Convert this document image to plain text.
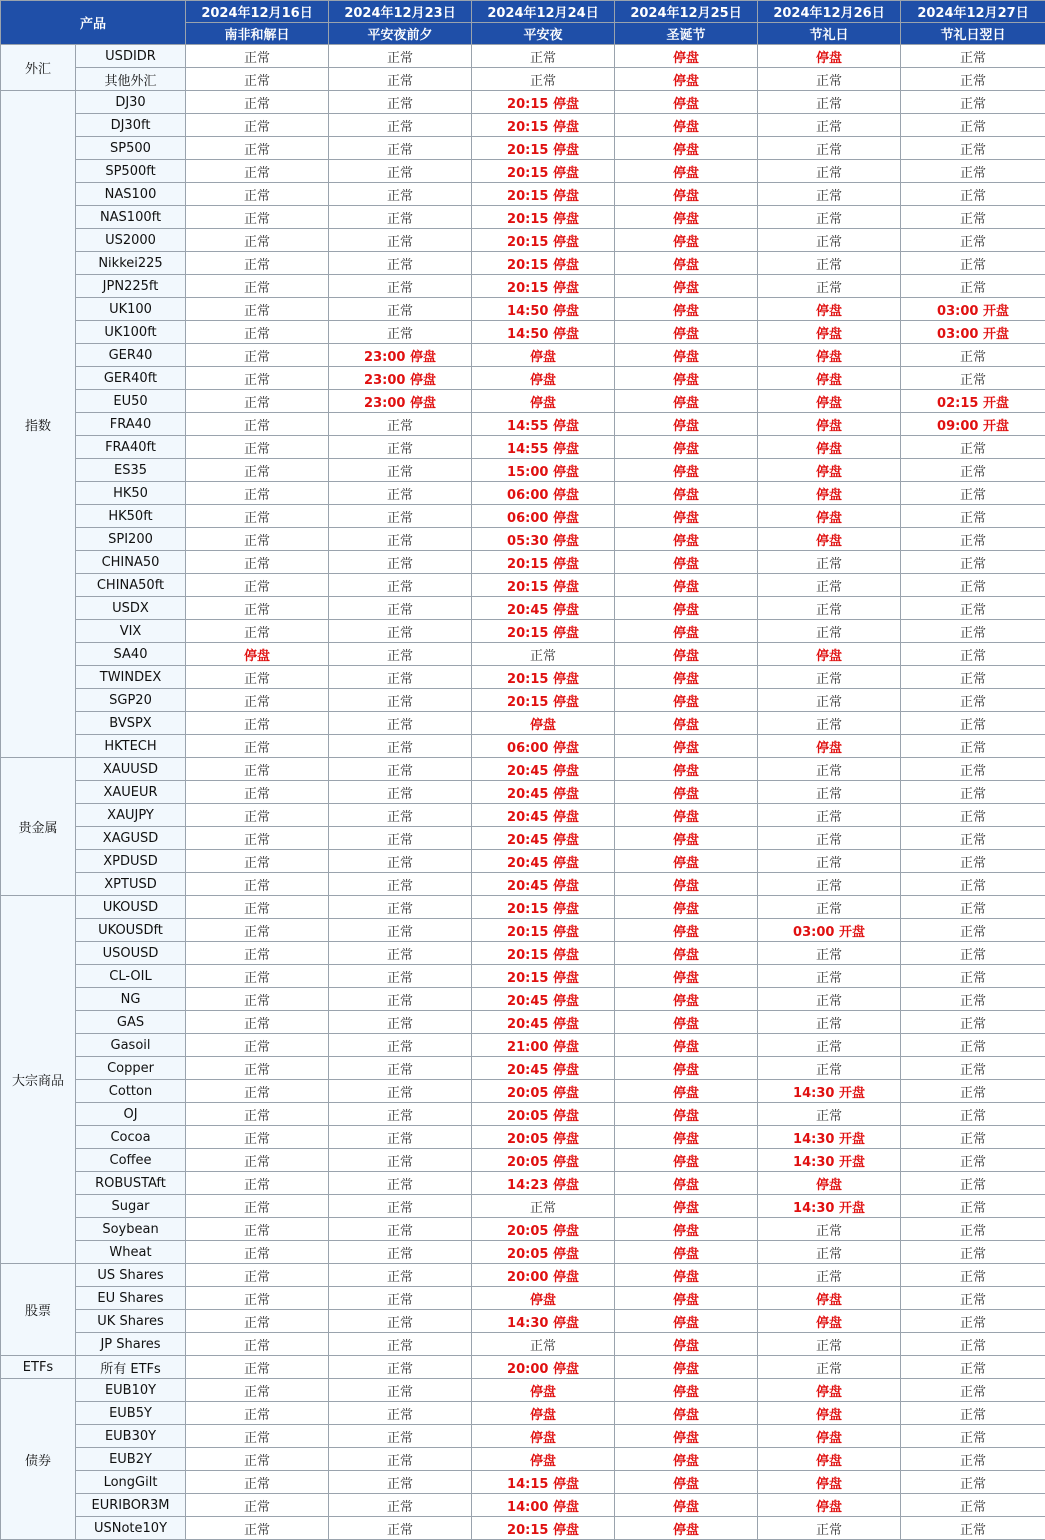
产品		2024年12月16日	2024年12月23日	2024年12月24日	2024年12月25日	2024年12月26日	2024年12月27日
		南非和解日	平安夜前夕	平安夜	圣诞节	节礼日	节礼日翌日
外汇	USDIDR	正常	正常	正常	停盘	停盘	正常
	其他外汇	正常	正常	正常	停盘	正常	正常
指数	DJ30	正常	正常	20:15 停盘	停盘	正常	正常
	DJ30ft	正常	正常	20:15 停盘	停盘	正常	正常
	SP500	正常	正常	20:15 停盘	停盘	正常	正常
	SP500ft	正常	正常	20:15 停盘	停盘	正常	正常
	NAS100	正常	正常	20:15 停盘	停盘	正常	正常
	NAS100ft	正常	正常	20:15 停盘	停盘	正常	正常
	US2000	正常	正常	20:15 停盘	停盘	正常	正常
	Nikkei225	正常	正常	20:15 停盘	停盘	正常	正常
	JPN225ft	正常	正常	20:15 停盘	停盘	正常	正常
	UK100	正常	正常	14:50 停盘	停盘	停盘	03:00 开盘
	UK100ft	正常	正常	14:50 停盘	停盘	停盘	03:00 开盘
	GER40	正常	23:00 停盘	停盘	停盘	停盘	正常
	GER40ft	正常	23:00 停盘	停盘	停盘	停盘	正常
	EU50	正常	23:00 停盘	停盘	停盘	停盘	02:15 开盘
	FRA40	正常	正常	14:55 停盘	停盘	停盘	09:00 开盘
	FRA40ft	正常	正常	14:55 停盘	停盘	停盘	正常
	ES35	正常	正常	15:00 停盘	停盘	停盘	正常
	HK50	正常	正常	06:00 停盘	停盘	停盘	正常
	HK50ft	正常	正常	06:00 停盘	停盘	停盘	正常
	SPI200	正常	正常	05:30 停盘	停盘	停盘	正常
	CHINA50	正常	正常	20:15 停盘	停盘	正常	正常
	CHINA50ft	正常	正常	20:15 停盘	停盘	正常	正常
	USDX	正常	正常	20:45 停盘	停盘	正常	正常
	VIX	正常	正常	20:15 停盘	停盘	正常	正常
	SA40	停盘	正常	正常	停盘	停盘	正常
	TWINDEX	正常	正常	20:15 停盘	停盘	正常	正常
	SGP20	正常	正常	20:15 停盘	停盘	正常	正常
	BVSPX	正常	正常	停盘	停盘	正常	正常
	HKTECH	正常	正常	06:00 停盘	停盘	停盘	正常
贵金属	XAUUSD	正常	正常	20:45 停盘	停盘	正常	正常
	XAUEUR	正常	正常	20:45 停盘	停盘	正常	正常
	XAUJPY	正常	正常	20:45 停盘	停盘	正常	正常
	XAGUSD	正常	正常	20:45 停盘	停盘	正常	正常
	XPDUSD	正常	正常	20:45 停盘	停盘	正常	正常
	XPTUSD	正常	正常	20:45 停盘	停盘	正常	正常
大宗商品	UKOUSD	正常	正常	20:15 停盘	停盘	正常	正常
	UKOUSDft	正常	正常	20:15 停盘	停盘	03:00 开盘	正常
	USOUSD	正常	正常	20:15 停盘	停盘	正常	正常
	CL-OIL	正常	正常	20:15 停盘	停盘	正常	正常
	NG	正常	正常	20:45 停盘	停盘	正常	正常
	GAS	正常	正常	20:45 停盘	停盘	正常	正常
	Gasoil	正常	正常	21:00 停盘	停盘	正常	正常
	Copper	正常	正常	20:45 停盘	停盘	正常	正常
	Cotton	正常	正常	20:05 停盘	停盘	14:30 开盘	正常
	OJ	正常	正常	20:05 停盘	停盘	正常	正常
	Cocoa	正常	正常	20:05 停盘	停盘	14:30 开盘	正常
	Coffee	正常	正常	20:05 停盘	停盘	14:30 开盘	正常
	ROBUSTAft	正常	正常	14:23 停盘	停盘	停盘	正常
	Sugar	正常	正常	正常	停盘	14:30 开盘	正常
	Soybean	正常	正常	20:05 停盘	停盘	正常	正常
	Wheat	正常	正常	20:05 停盘	停盘	正常	正常
股票	US Shares	正常	正常	20:00 停盘	停盘	正常	正常
	EU Shares	正常	正常	停盘	停盘	停盘	正常
	UK Shares	正常	正常	14:30 停盘	停盘	停盘	正常
	JP Shares	正常	正常	正常	停盘	正常	正常
ETFs	所有 ETFs	正常	正常	20:00 停盘	停盘	正常	正常
债券	EUB10Y	正常	正常	停盘	停盘	停盘	正常
	EUB5Y	正常	正常	停盘	停盘	停盘	正常
	EUB30Y	正常	正常	停盘	停盘	停盘	正常
	EUB2Y	正常	正常	停盘	停盘	停盘	正常
	LongGilt	正常	正常	14:15 停盘	停盘	停盘	正常
	EURIBOR3M	正常	正常	14:00 停盘	停盘	停盘	正常
	USNote10Y	正常	正常	20:15 停盘	停盘	正常	正常
